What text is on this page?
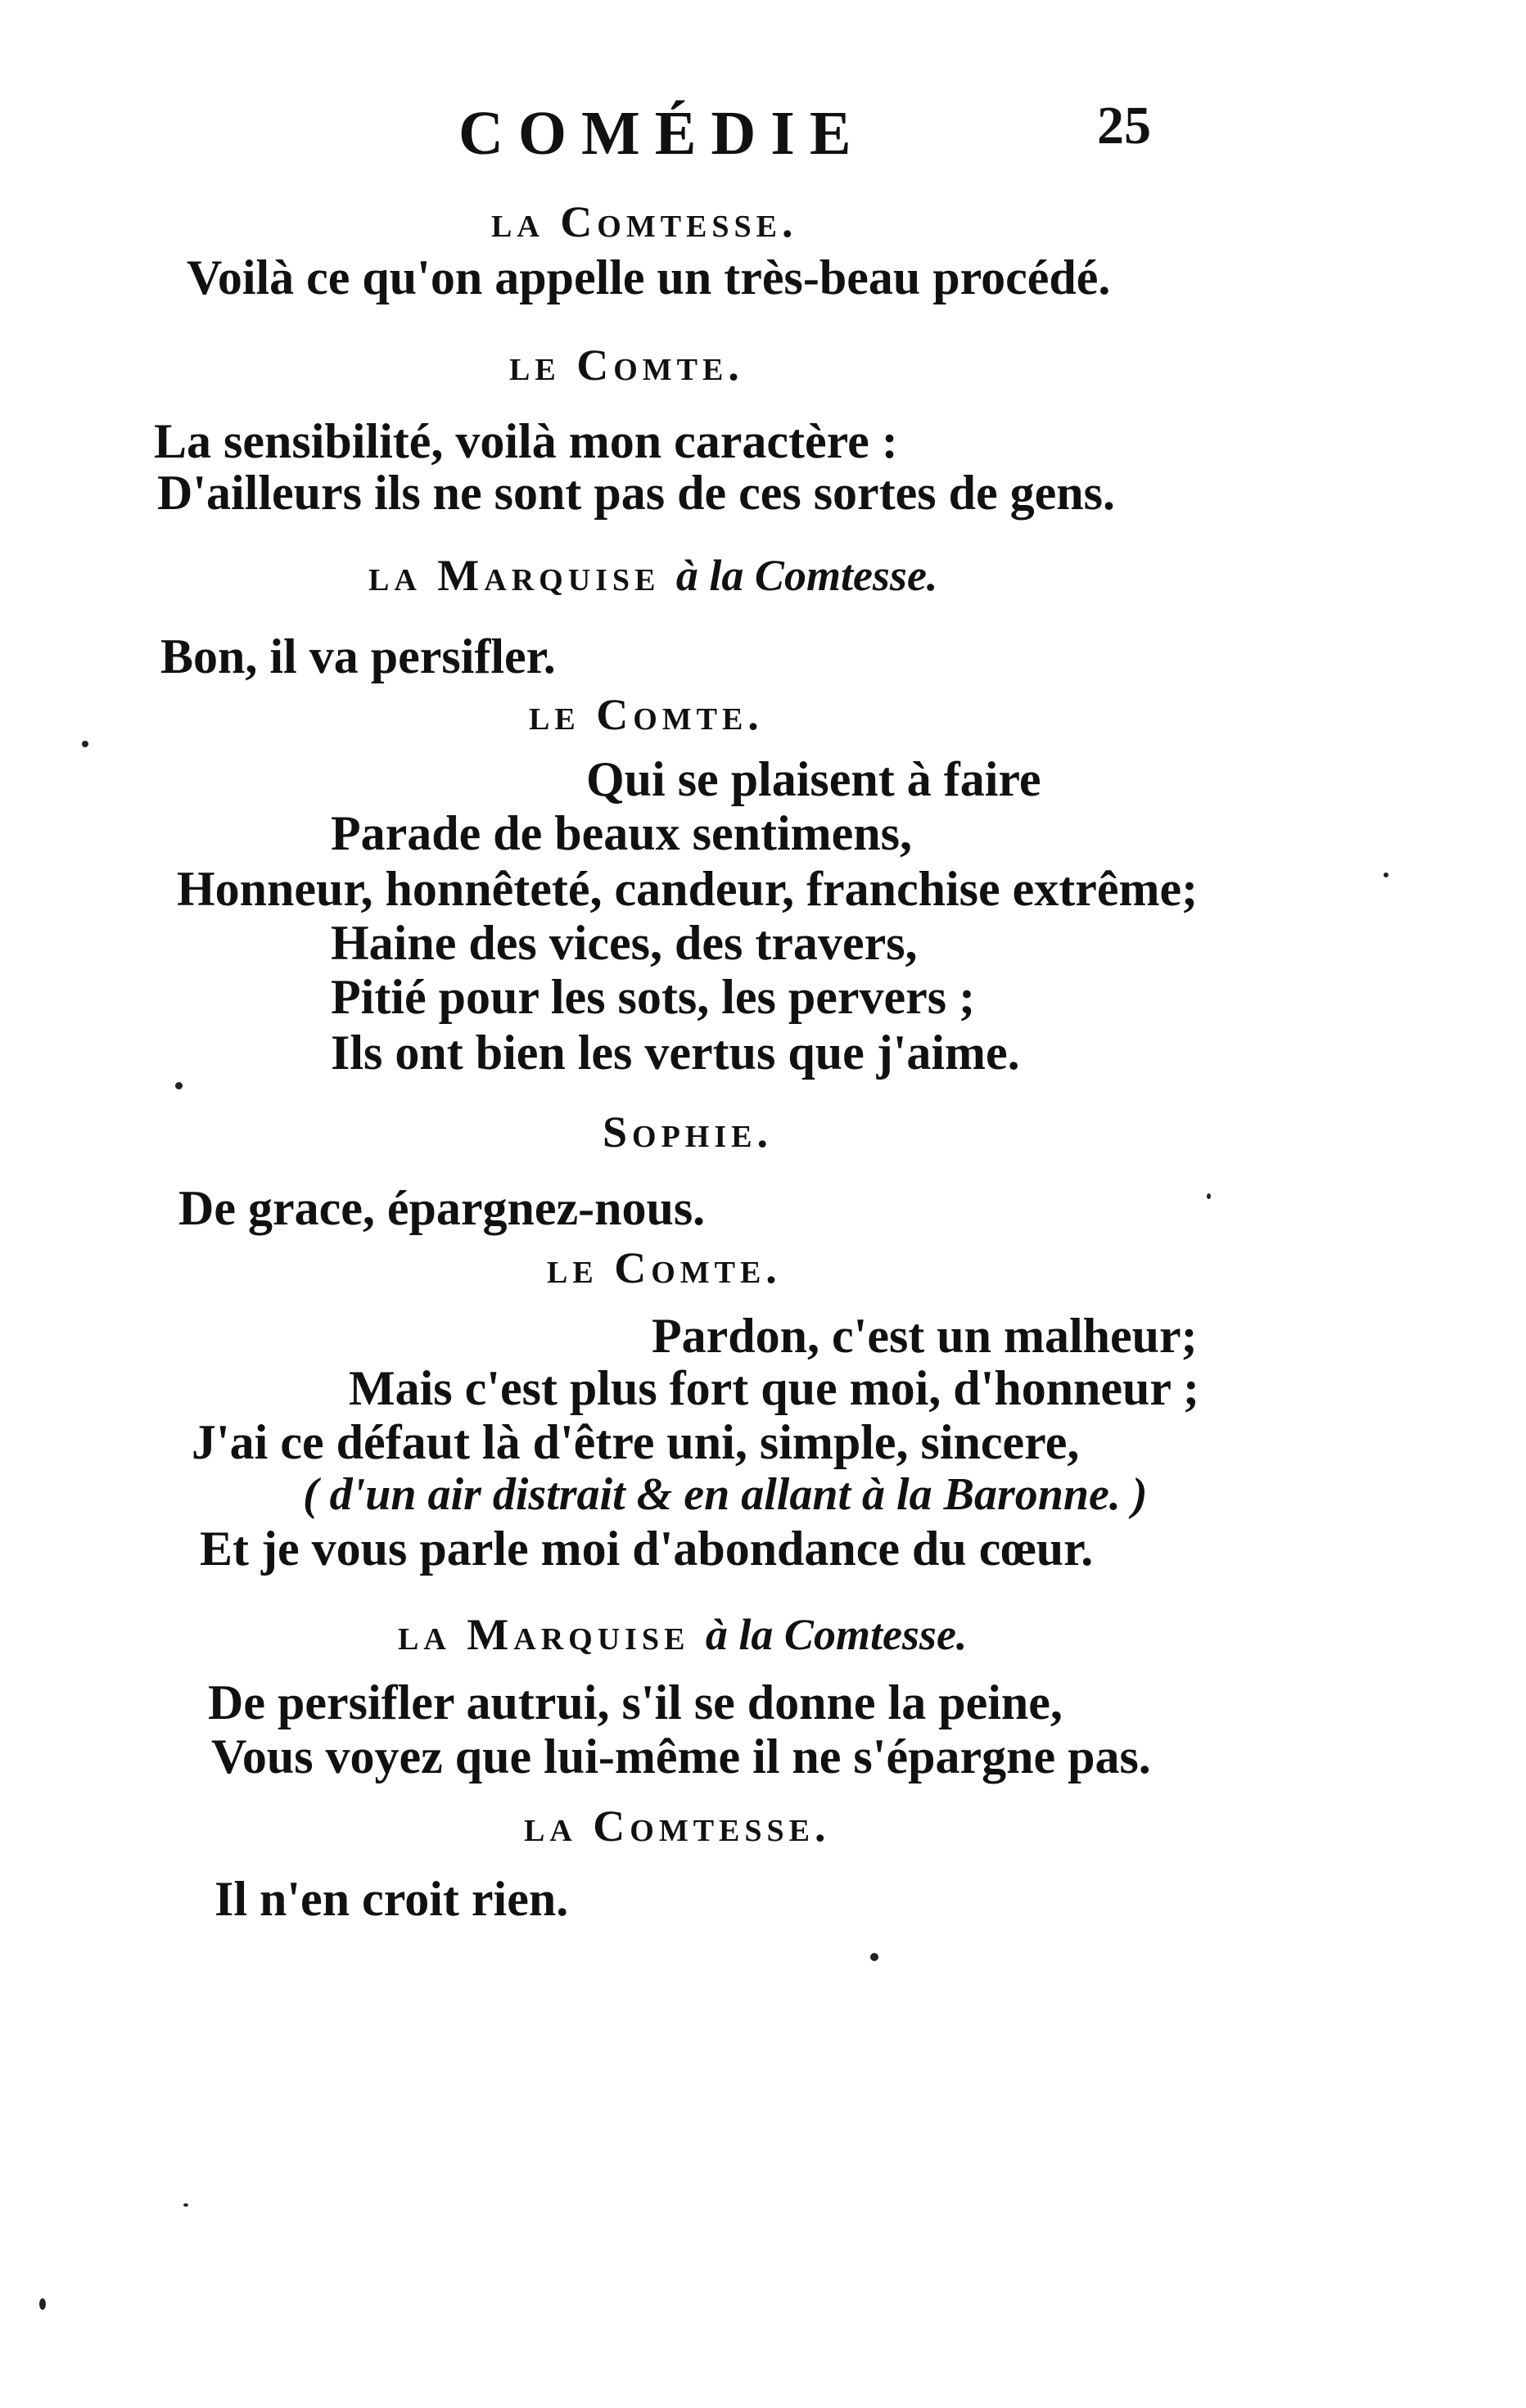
COMÉDIE	25
la Comtesse.
Voilà ce qu'on appelle un très-beau procédé.
le Comte.
La sensibilité, voilà mon caractère :
D'ailleurs ils ne sont pas de ces sortes de gens.
la Marquise à la Comtesse.
Bon, il va persifler.
le Comte.
Qui se plaisent à faire
Parade de beaux sentimens,
Honneur, honnêteté, candeur, franchise extrême;
Haine des vices, des travers,
Pitié pour les sots, les pervers ;
Ils ont bien les vertus que j'aime.
Sophie.
De grace, épargnez-nous.
le Comte.
Pardon, c'est un malheur;
Mais c'est plus fort que moi, d'honneur ;
J'ai ce défaut là d'être uni, simple, sincere,
( d'un air distrait & en allant à la Baronne. )
Et je vous parle moi d'abondance du cœur.
la Marquise à la Comtesse.
De persifler autrui, s'il se donne la peine,
Vous voyez que lui-même il ne s'épargne pas.
la Comtesse.
Il n'en croit rien.
